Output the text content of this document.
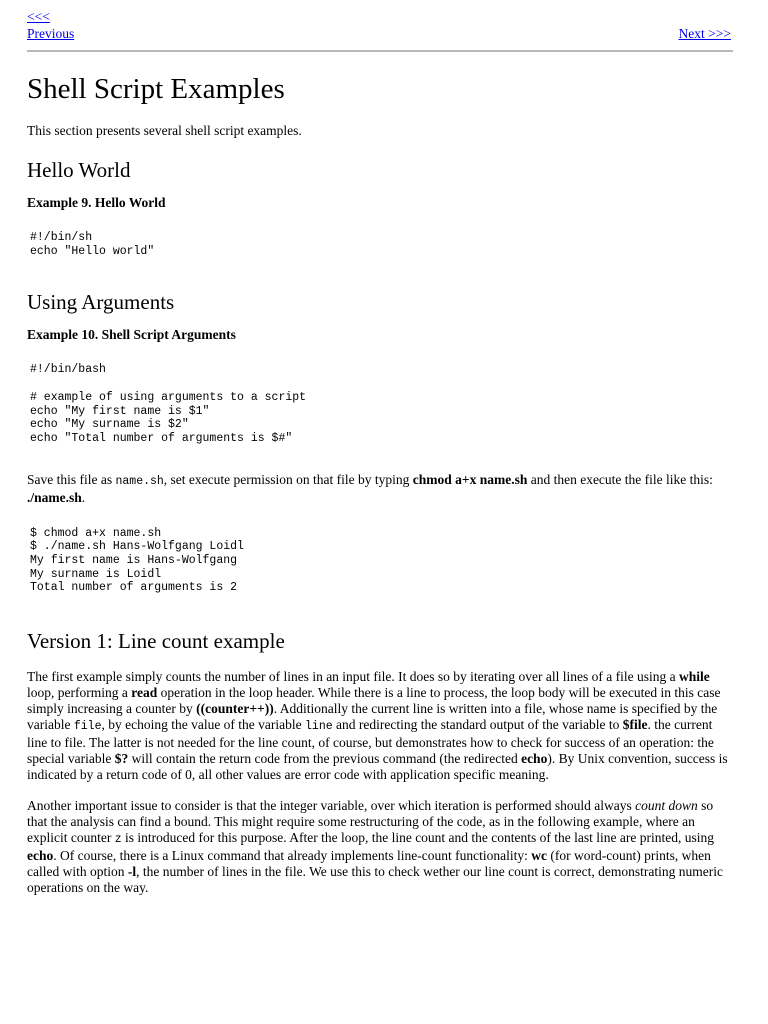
<<<
Previous	Next >>>
Shell Script Examples

This section presents several shell script examples.

Hello World
Example 9. Hello World
#!/bin/sh
echo "Hello world"
Using Arguments
Example 10. Shell Script Arguments
#!/bin/bash

# example of using arguments to a script
echo "My first name is $1"
echo "My surname is $2"
echo "Total number of arguments is $#"

Save this file as name.sh, set execute permission on that file by typing chmod a+x name.sh and then execute the file like this: ./name.sh.

$ chmod a+x name.sh
$ ./name.sh Hans-Wolfgang Loidl
My first name is Hans-Wolfgang
My surname is Loidl
Total number of arguments is 2
Version 1: Line count example

The first example simply counts the number of lines in an input file. It does so by iterating over all lines of a file using a while loop, performing a read operation in the loop header. While there is a line to process, the loop body will be executed in this case simply increasing a counter by ((counter++)). Additionally the current line is written into a file, whose name is specified by the variable file, by echoing the value of the variable line and redirecting the standard output of the variable to $file. the current line to file. The latter is not needed for the line count, of course, but demonstrates how to check for success of an operation: the special variable $? will contain the return code from the previous command (the redirected echo). By Unix convention, success is indicated by a return code of 0, all other values are error code with application specific meaning.

Another important issue to consider is that the integer variable, over which iteration is performed should always count down so that the analysis can find a bound. This might require some restructuring of the code, as in the following example, where an explicit counter z is introduced for this purpose. After the loop, the line count and the contents of the last line are printed, using echo. Of course, there is a Linux command that already implements line-count functionality: wc (for word-count) prints, when called with option -l, the number of lines in the file. We use this to check wether our line count is correct, demonstrating numeric operations on the way.
